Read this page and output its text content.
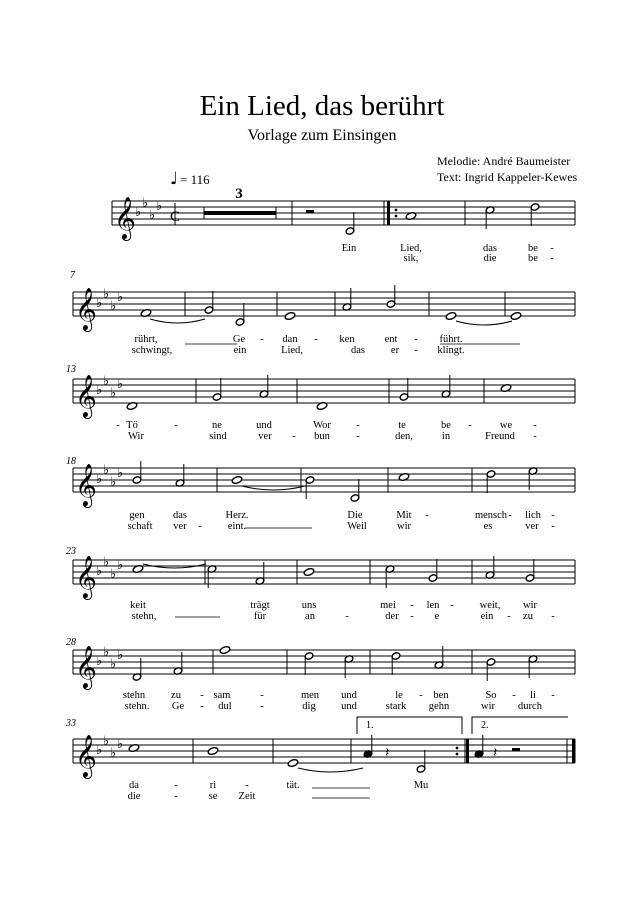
Ein Lied, das berührt
Vorlage zum Einsingen
Melodie: André Baumeister
Text: Ingrid Kappeler-Kewes
♩ = 116
𝄞 ♭
♭
♭
♭
𝄞 ♭
♭
♭
♭
𝄞 ♭
♭
♭
♭
𝄞 ♭
♭
♭
♭
𝄞 ♭
♭
♭
♭
𝄞 ♭
♭
♭
♭
𝄞 ♭
♭
♭
♭
C
𝄽	𝄽
7
13
18
23
28
33
3
1.	2.
Ein	Lied,	das	be -
sik,	die	be -
rührt,	Ge - dan - ken	ent - führt.
schwingt,	ein	Lied,	das er - klingt.
- Tö	-	ne	und	Wor -	te	be -	we -
Wir	sind	ver - bun	-	den,	in	Freund -
gen	das	Herz.	Die	Mit -	mensch - lich -
schaft ver - eint.	Weil	wir	es	ver -
keit	trägt	uns	mei - len - weit, wir
stehn,	für	an	-	der - e	ein - zu -
stehn zu - sam	-	men und	le - ben	So - li -
stehn. Ge - dul	-	dig und	stark gehn	wir durch
da	-	ri	-	tät.	Mu
die	-	se Zeit
